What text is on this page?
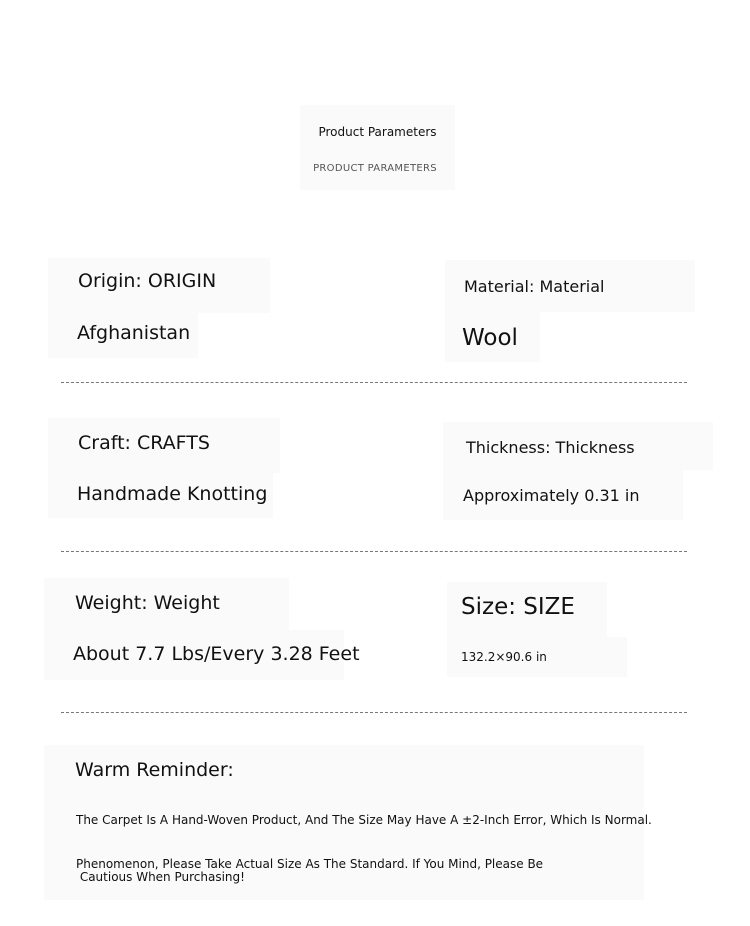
Product Parameters
PRODUCT PARAMETERS
Origin: ORIGIN
Afghanistan
Material: Material
Wool
Craft: CRAFTS
Handmade Knotting
Thickness: Thickness
Approximately 0.31 in
Weight: Weight
About 7.7 Lbs/Every 3.28 Feet
Size: SIZE
132.2×90.6 in
Warm Reminder:
The Carpet Is A Hand-Woven Product, And The Size May Have A ±2-Inch Error, Which Is Normal.
Phenomenon, Please Take Actual Size As The Standard. If You Mind, Please Be
Cautious When Purchasing!
